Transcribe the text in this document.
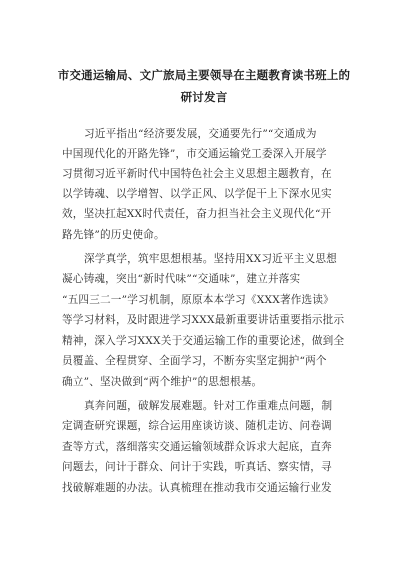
市交通运输局、文广旅局主要领导在主题教育读书班上的
研讨发言
习近平指出“经济要发展，交通要先行”“交通成为
中国现代化的开路先锋”，市交通运输党工委深入开展学
习贯彻习近平新时代中国特色社会主义思想主题教育，在
以学铸魂、以学增智、以学正风、以学促干上下深水见实
效，坚决扛起XX时代责任，奋力担当社会主义现代化“开
路先锋”的历史使命。
深学真学，筑牢思想根基。坚持用XX习近平主义思想
凝心铸魂，突出“新时代味”“交通味”，建立并落实
“五四三二一”学习机制，原原本本学习《XXX著作选读》
等学习材料，及时跟进学习XXX最新重要讲话重要指示批示
精神，深入学习XXX关于交通运输工作的重要论述，做到全
员覆盖、全程贯穿、全面学习，不断夯实坚定拥护“两个
确立”、坚决做到“两个维护”的思想根基。
真奔问题，破解发展难题。针对工作重难点问题，制
定调查研究课题，综合运用座谈访谈、随机走访、问卷调
查等方式，落细落实交通运输领域群众诉求大起底，直奔
问题去，问计于群众、问计于实践，听真话、察实情，寻
找破解难题的办法。认真梳理在推动我市交通运输行业发
